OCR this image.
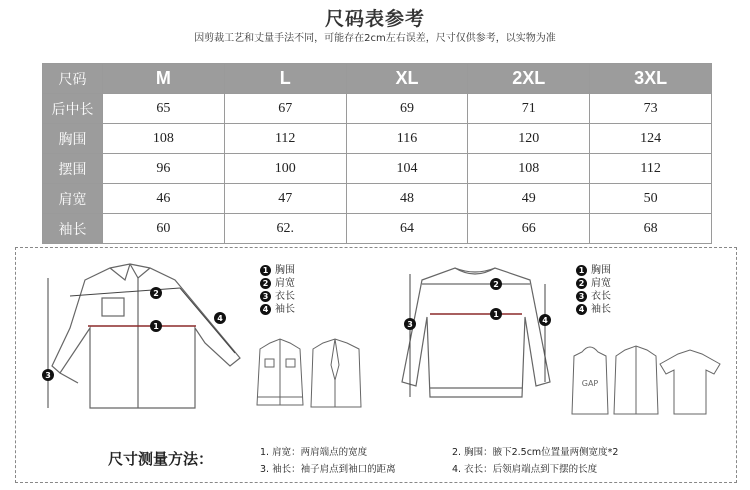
尺码表参考
因剪裁工艺和丈量手法不同，可能存在2cm左右误差，尺寸仅供参考，以实物为准
尺码	M	L	XL	2XL	3XL
后中长	65	67	69	71	73
胸围	108	112	116	120	124
摆围	96	100	104	108	112
肩宽	46	47	48	49	50
袖长	60	62.	64	66	68
1
2
3
4
1 胸围
2 肩宽
3 衣长
4 袖长	1
2
3	4
1 胸围
2 肩宽
3 衣长
4 袖长
GAP
尺寸测量方法：	1. 肩宽：两肩端点的宽度	2. 胸围：腋下2.5cm位置量两侧宽度*2
3. 袖长：袖子肩点到袖口的距离	4. 衣长：后领肩端点到下摆的长度
